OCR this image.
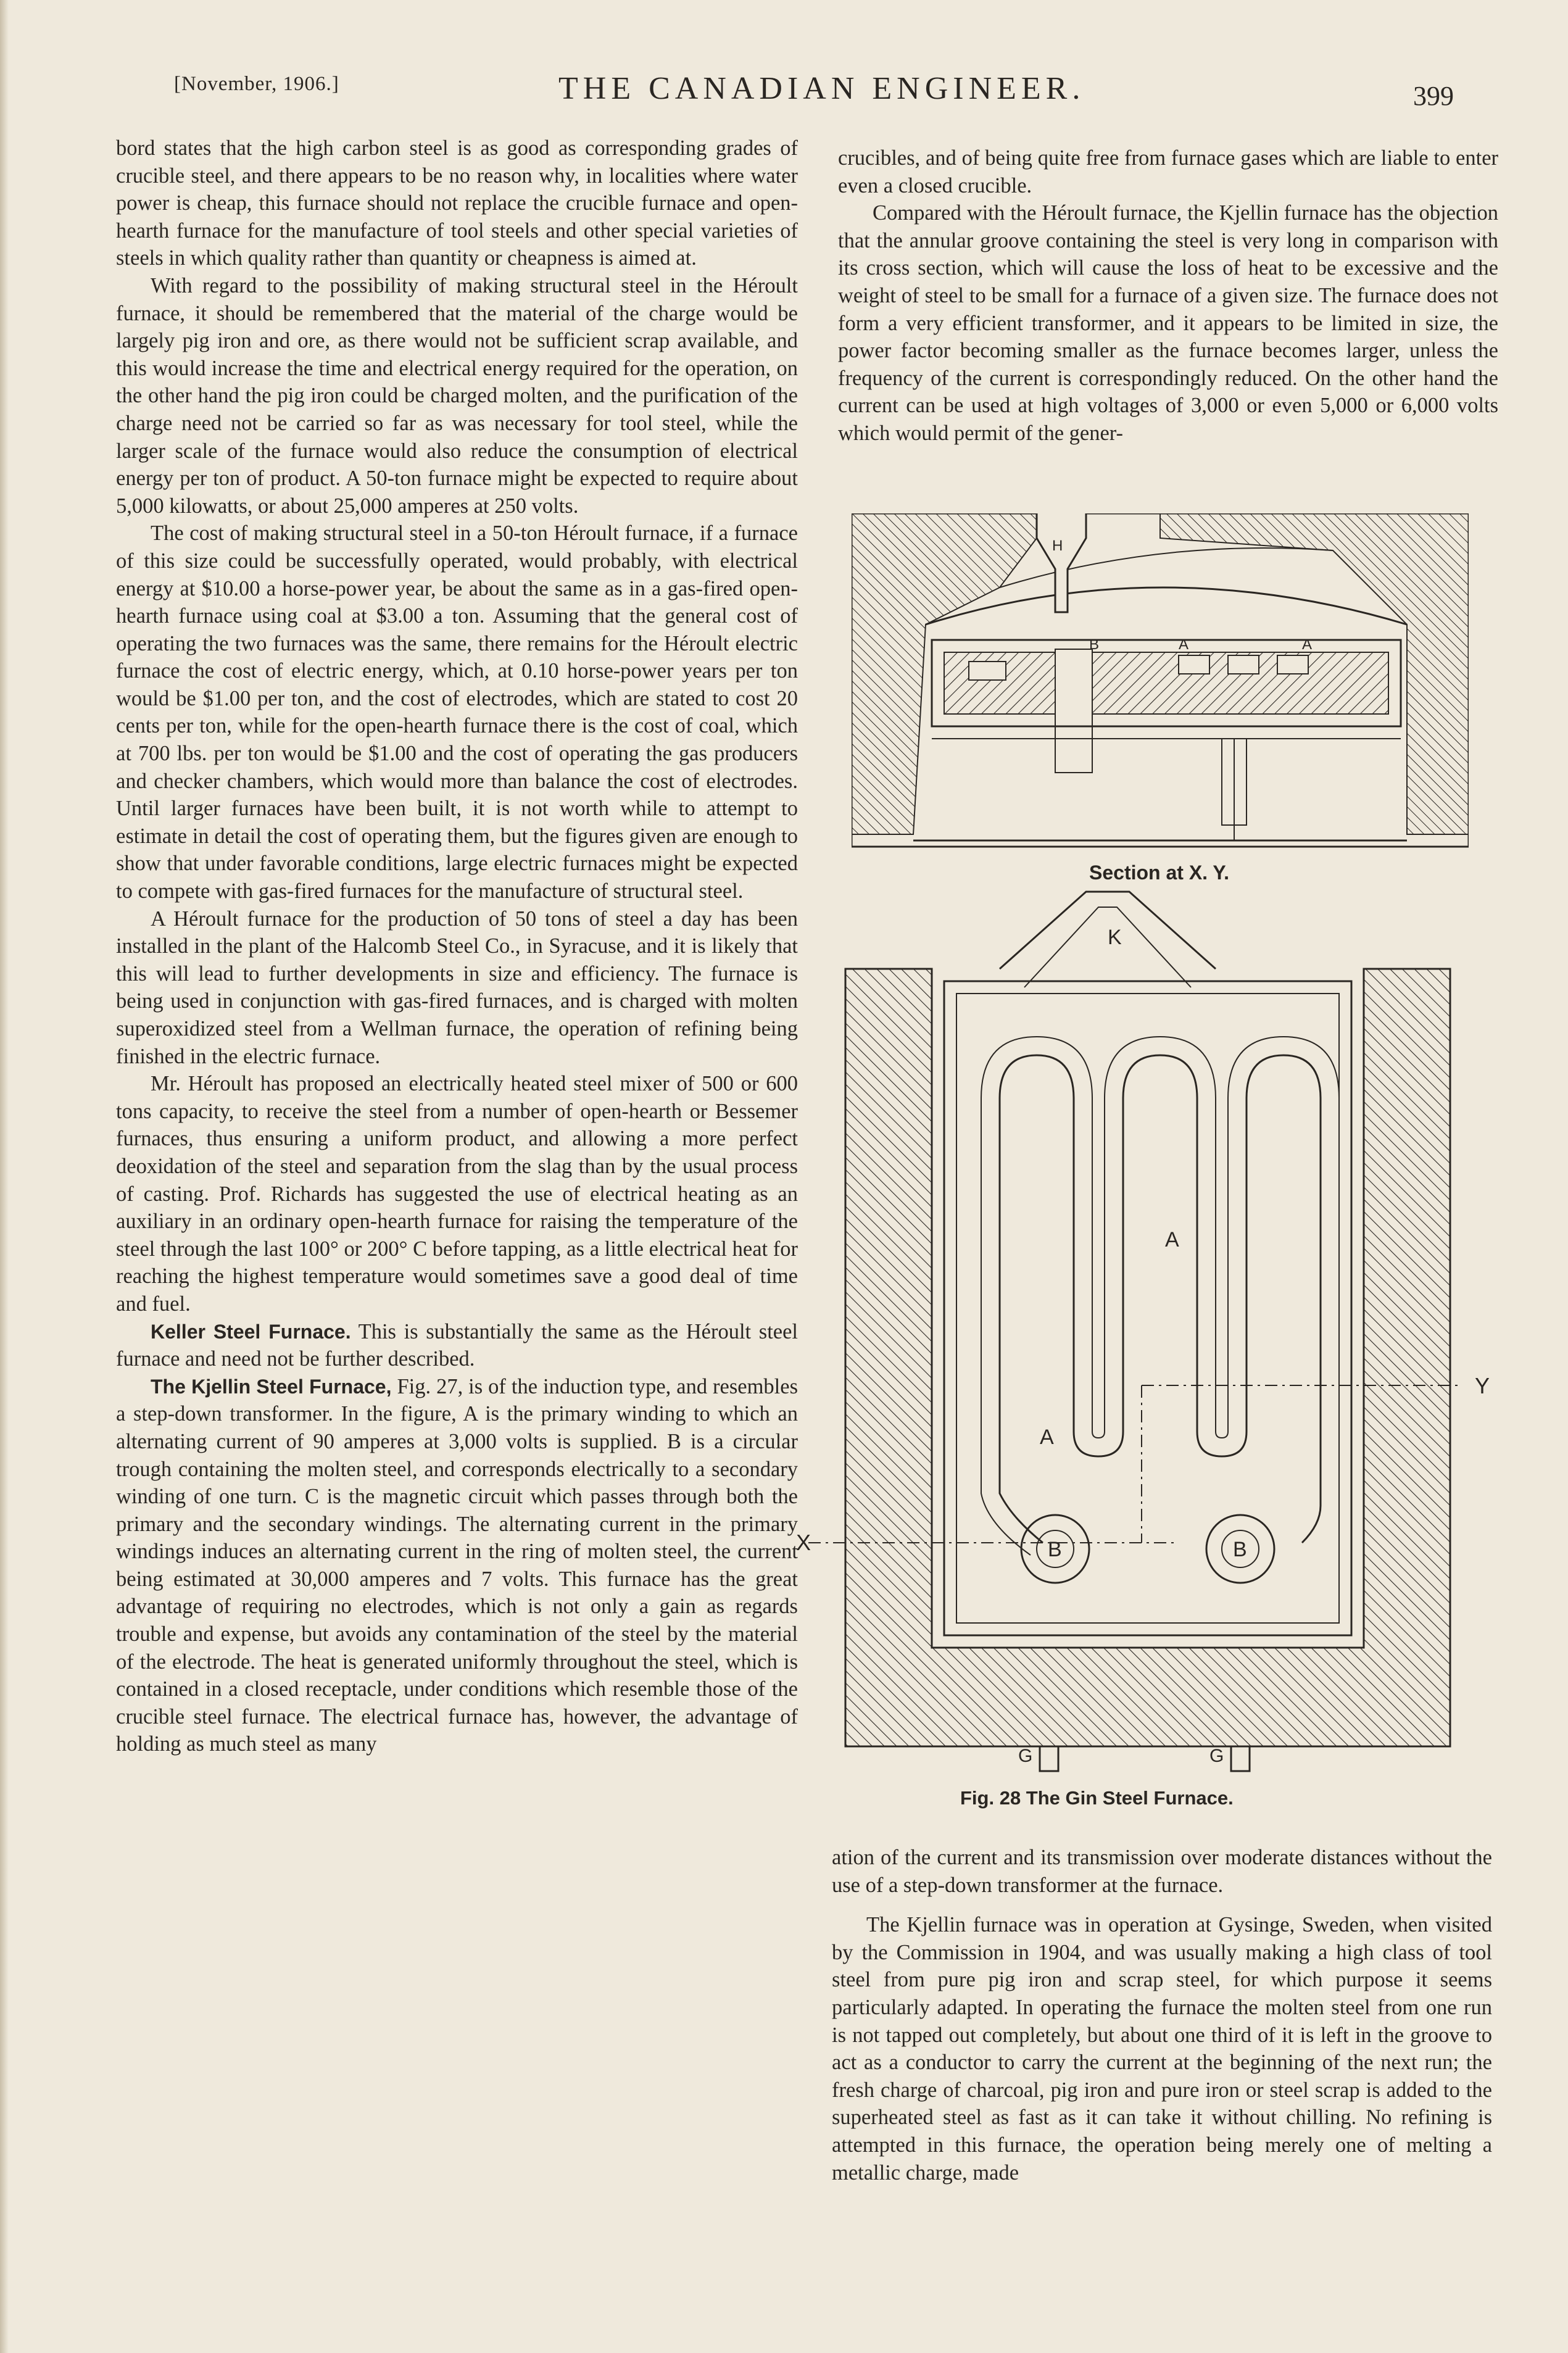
[November, 1906.]	THE CANADIAN ENGINEER.	399

bord states that the high carbon steel is as good as corresponding grades of crucible steel, and there appears to be no reason why, in localities where water power is cheap, this furnace should not replace the crucible furnace and open-hearth furnace for the manufacture of tool steels and other special varieties of steels in which quality rather than quantity or cheapness is aimed at.

With regard to the possibility of making structural steel in the Héroult furnace, it should be remembered that the material of the charge would be largely pig iron and ore, as there would not be sufficient scrap available, and this would increase the time and electrical energy required for the operation, on the other hand the pig iron could be charged molten, and the purification of the charge need not be carried so far as was necessary for tool steel, while the larger scale of the furnace would also reduce the consumption of electrical energy per ton of product. A 50-ton furnace might be expected to require about 5,000 kilowatts, or about 25,000 amperes at 250 volts.

The cost of making structural steel in a 50-ton Héroult furnace, if a furnace of this size could be successfully operated, would probably, with electrical energy at $10.00 a horse-power year, be about the same as in a gas-fired open-hearth furnace using coal at $3.00 a ton. Assuming that the general cost of operating the two furnaces was the same, there remains for the Héroult electric furnace the cost of electric energy, which, at 0.10 horse-power years per ton would be $1.00 per ton, and the cost of electrodes, which are stated to cost 20 cents per ton, while for the open-hearth furnace there is the cost of coal, which at 700 lbs. per ton would be $1.00 and the cost of operating the gas producers and checker chambers, which would more than balance the cost of electrodes. Until larger furnaces have been built, it is not worth while to attempt to estimate in detail the cost of operating them, but the figures given are enough to show that under favorable conditions, large electric furnaces might be expected to compete with gas-fired furnaces for the manufacture of structural steel.

A Héroult furnace for the production of 50 tons of steel a day has been installed in the plant of the Halcomb Steel Co., in Syracuse, and it is likely that this will lead to further developments in size and efficiency. The furnace is being used in conjunction with gas-fired furnaces, and is charged with molten superoxidized steel from a Wellman furnace, the operation of refining being finished in the electric furnace.

Mr. Héroult has proposed an electrically heated steel mixer of 500 or 600 tons capacity, to receive the steel from a number of open-hearth or Bessemer furnaces, thus ensuring a uniform product, and allowing a more perfect deoxidation of the steel and separation from the slag than by the usual process of casting. Prof. Richards has suggested the use of electrical heating as an auxiliary in an ordinary open-hearth furnace for raising the temperature of the steel through the last 100° or 200° C before tapping, as a little electrical heat for reaching the highest temperature would sometimes save a good deal of time and fuel.

Keller Steel Furnace. This is substantially the same as the Héroult steel furnace and need not be further described.

The Kjellin Steel Furnace, Fig. 27, is of the induction type, and resembles a step-down transformer. In the figure, A is the primary winding to which an alternating current of 90 amperes at 3,000 volts is supplied. B is a circular trough containing the molten steel, and corresponds electrically to a secondary winding of one turn. C is the magnetic circuit which passes through both the primary and the secondary windings. The alternating current in the primary windings induces an alternating current in the ring of molten steel, the current being estimated at 30,000 amperes and 7 volts. This furnace has the great advantage of requiring no electrodes, which is not only a gain as regards trouble and expense, but avoids any contamination of the steel by the material of the electrode. The heat is generated uniformly throughout the steel, which is contained in a closed receptacle, under conditions which resemble those of the crucible steel furnace. The electrical furnace has, however, the advantage of holding as much steel as many

crucibles, and of being quite free from furnace gases which are liable to enter even a closed crucible.

Compared with the Héroult furnace, the Kjellin furnace has the objection that the annular groove containing the steel is very long in comparison with its cross section, which will cause the loss of heat to be excessive and the weight of steel to be small for a furnace of a given size. The furnace does not form a very efficient transformer, and it appears to be limited in size, the power factor becoming smaller as the furnace becomes larger, unless the frequency of the current is correspondingly reduced. On the other hand the current can be used at high voltages of 3,000 or even 5,000 or 6,000 volts which would permit of the gener-

H
B	A	A
Section at X. Y.
K
A
A
B	B
X
Y
G	G
Fig. 28 The Gin Steel Furnace.

ation of the current and its transmission over moderate distances without the use of a step-down transformer at the furnace.

The Kjellin furnace was in operation at Gysinge, Sweden, when visited by the Commission in 1904, and was usually making a high class of tool steel from pure pig iron and scrap steel, for which purpose it seems particularly adapted. In operating the furnace the molten steel from one run is not tapped out completely, but about one third of it is left in the groove to act as a conductor to carry the current at the beginning of the next run; the fresh charge of charcoal, pig iron and pure iron or steel scrap is added to the superheated steel as fast as it can take it without chilling. No refining is attempted in this furnace, the operation being merely one of melting a metallic charge, made
